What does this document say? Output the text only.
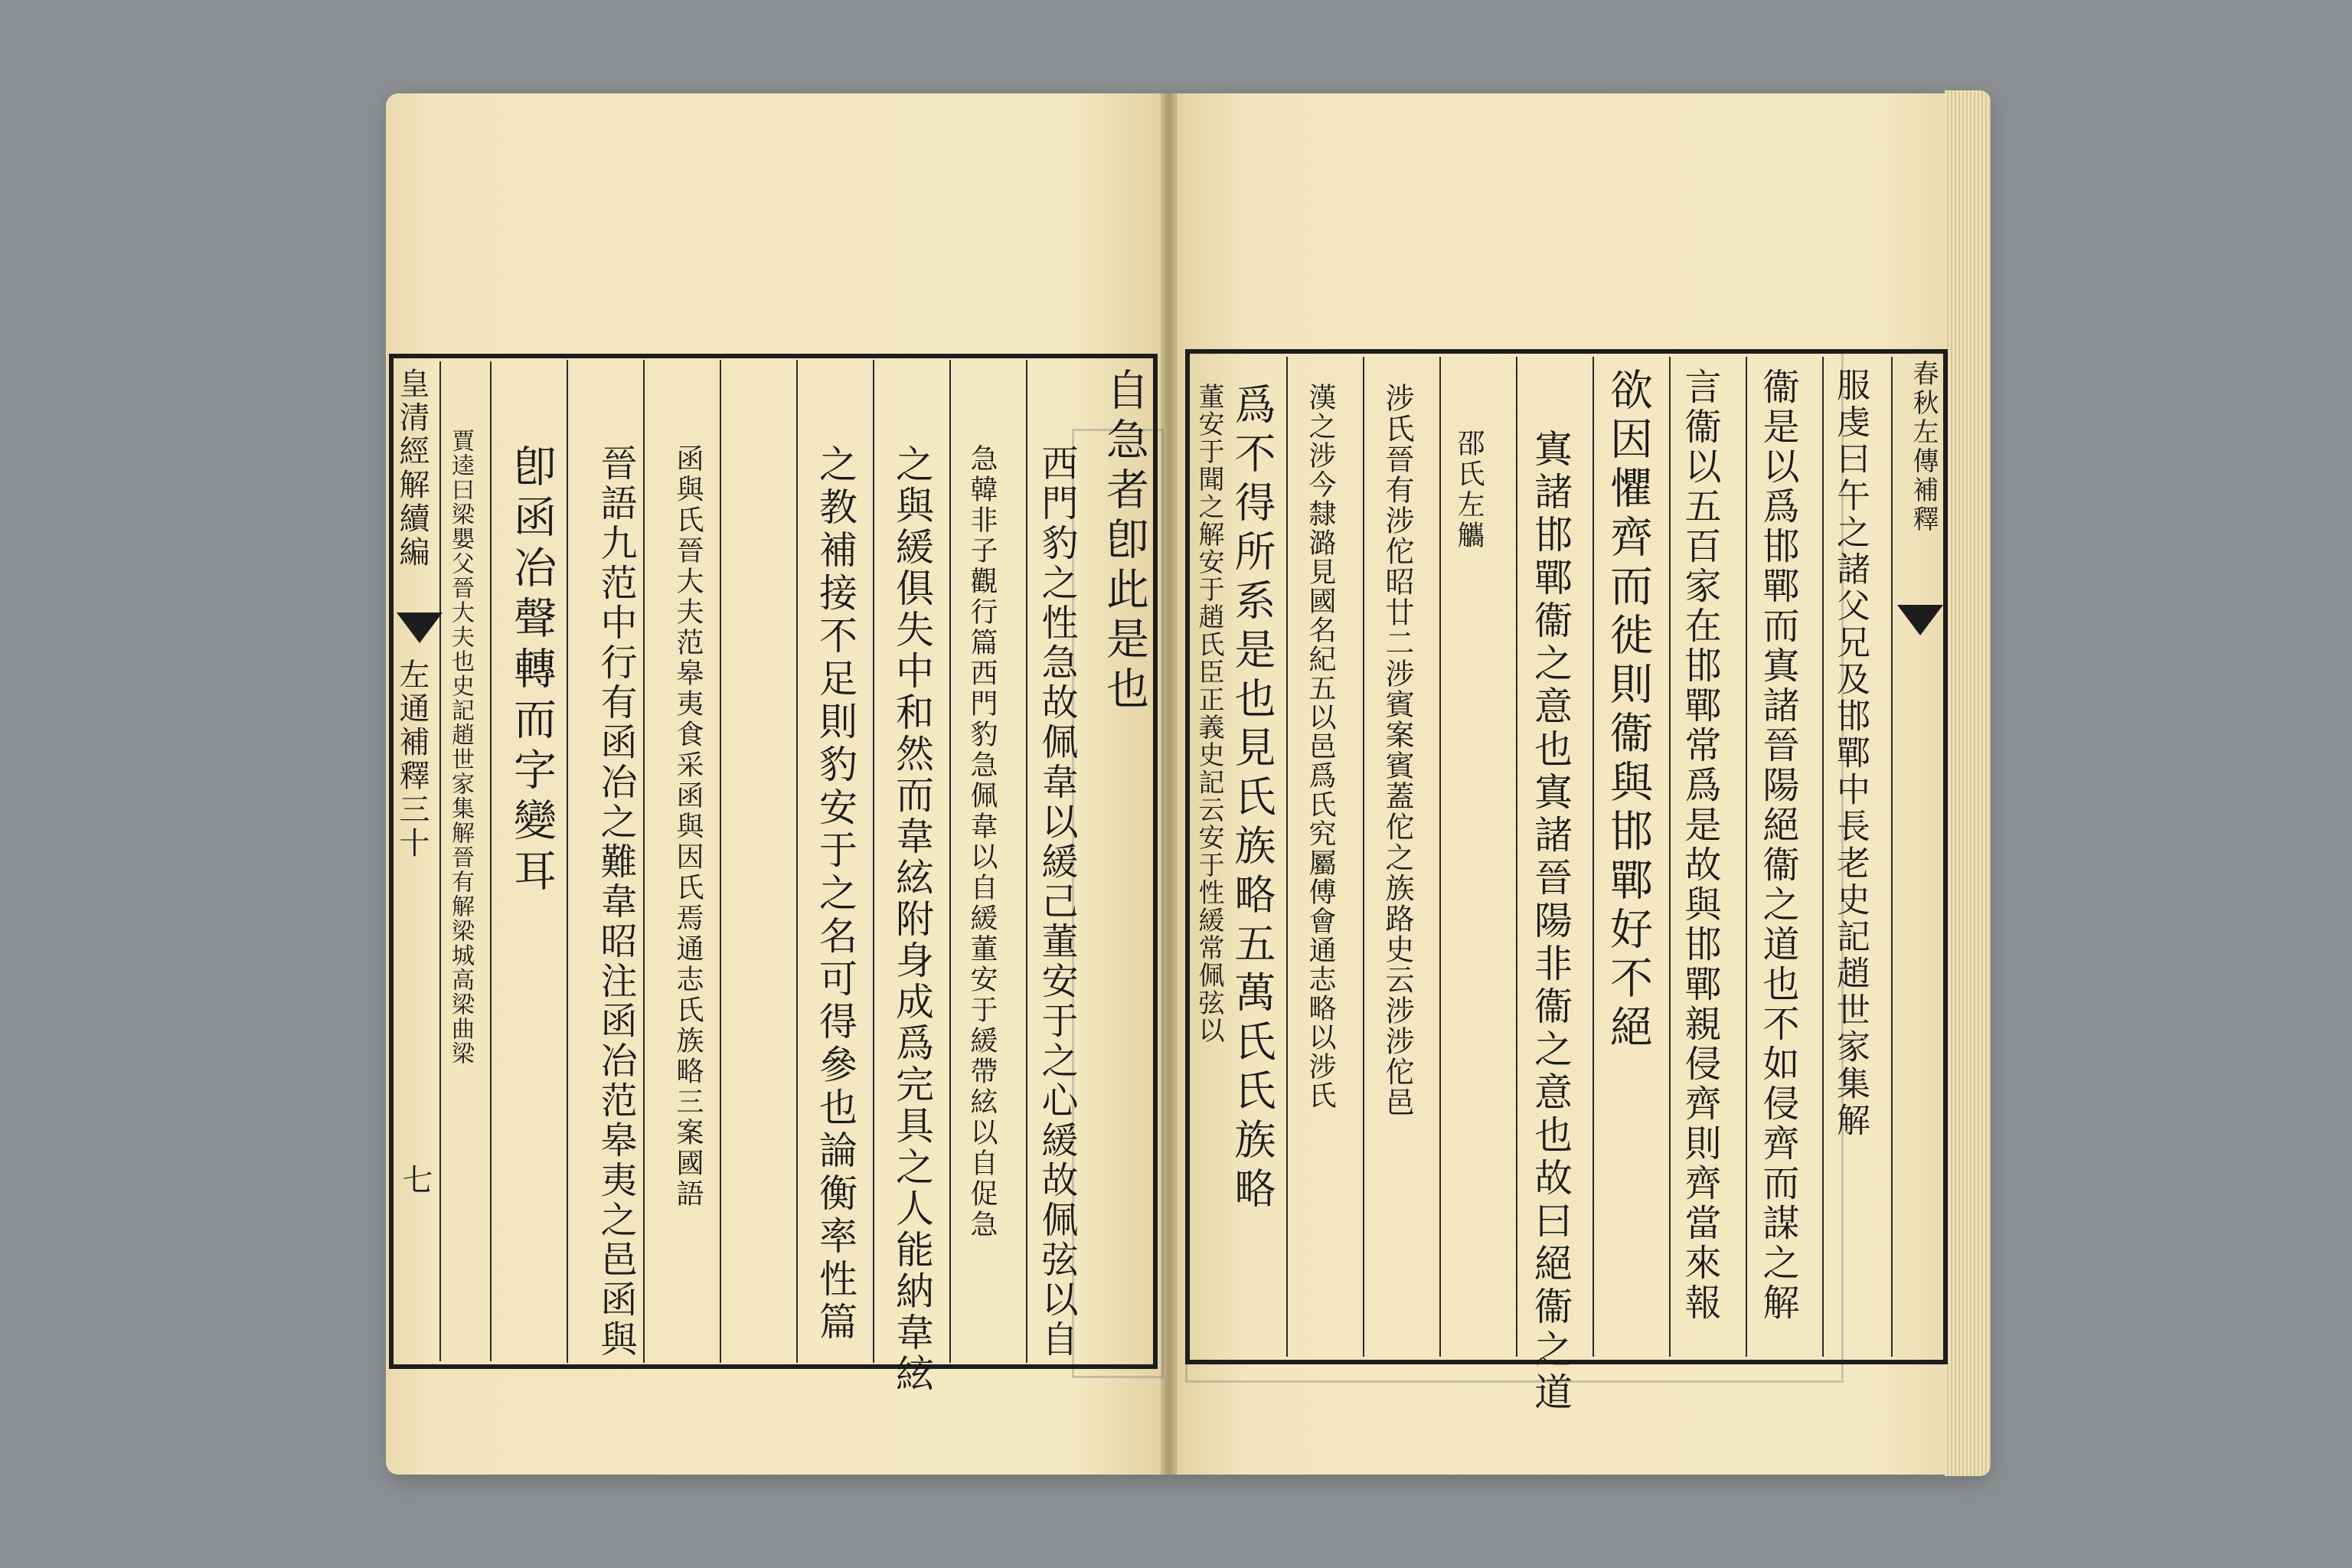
皇清經解續編
左通補釋三十
七
自急者卽此是也
西門豹之性急故佩韋以緩己董安于之心緩故佩弦以自
急韓非子觀行篇西門豹急佩韋以自緩董安于緩帶絃以自促急
之與緩俱失中和然而韋絃附身成爲完具之人能納韋絃
之教補接不足則豹安于之名可得參也論衡率性篇
函與氏晉大夫范皋夷食采函與因氏焉通志氏族略三案國語
晉語九范中行有函冶之難韋昭注函冶范皋夷之邑函與
卽函冶聲轉而字變耳
賈逵曰梁嬰父晉大夫也史記趙世家集解晉有解梁城高梁曲梁	春秋左傳補釋
服虔曰午之諸父兄及邯鄲中長老史記趙世家集解
衞是以爲邯鄲而寘諸晉陽絕衞之道也不如侵齊而謀之解
言衞以五百家在邯鄲常爲是故與邯鄲親侵齊則齊當來報
欲因懼齊而徙則衞與邯鄲好不絕
寘諸邯鄲衞之意也寘諸晉陽非衞之意也故曰絕衞之道
邵氏左觿
涉氏晉有涉佗昭廿二涉賓案賓蓋佗之族路史云涉涉佗邑
漢之涉今隸潞見國名紀五以邑爲氏究屬傅會通志略以涉氏
爲不得所系是也見氏族略五萬氏氏族略
董安于聞之解安于趙氏臣正義史記云安于性緩常佩弦以
